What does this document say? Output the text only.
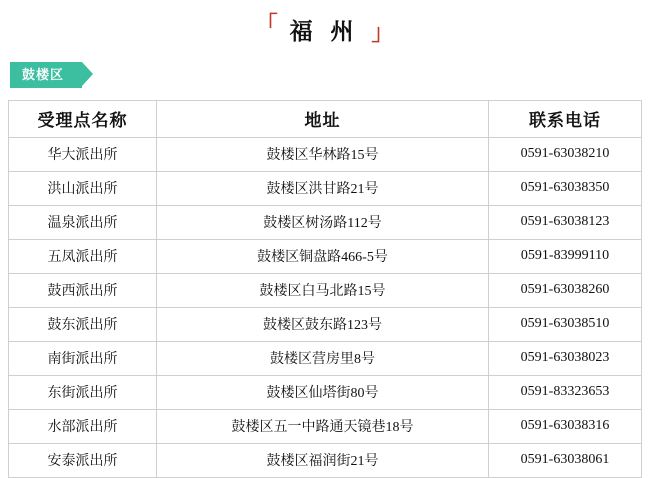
「 福 州 」
鼓楼区
受理点名称	地址	联系电话
华大派出所	鼓楼区华林路15号	0591-63038210
洪山派出所	鼓楼区洪甘路21号	0591-63038350
温泉派出所	鼓楼区树汤路112号	0591-63038123
五凤派出所	鼓楼区铜盘路466-5号	0591-83999110
鼓西派出所	鼓楼区白马北路15号	0591-63038260
鼓东派出所	鼓楼区鼓东路123号	0591-63038510
南街派出所	鼓楼区营房里8号	0591-63038023
东街派出所	鼓楼区仙塔街80号	0591-83323653
水部派出所	鼓楼区五一中路通天镜巷18号	0591-63038316
安泰派出所	鼓楼区福润街21号	0591-63038061
